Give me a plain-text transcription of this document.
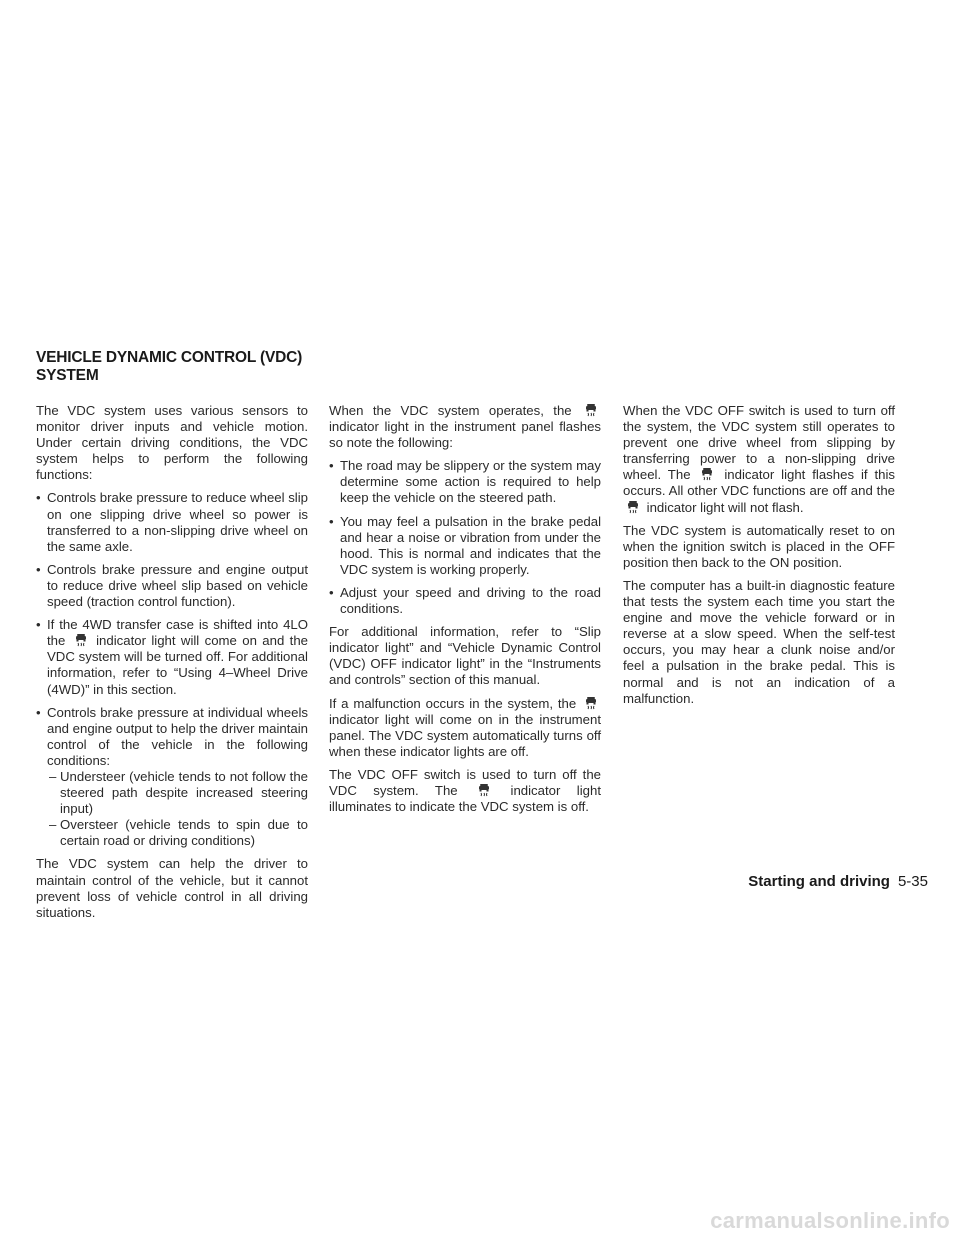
VEHICLE DYNAMIC CONTROL (VDC)
SYSTEM

The VDC system uses various sensors to monitor driver inputs and vehicle motion. Under certain driving conditions, the VDC system helps to perform the following functions:

• Controls brake pressure to reduce wheel slip on one slipping drive wheel so power is transferred to a non-slipping drive wheel on the same axle.
• Controls brake pressure and engine output to reduce drive wheel slip based on vehicle speed (traction control function).
• If the 4WD transfer case is shifted into 4LO the indicator light will come on and the VDC system will be turned off. For additional information, refer to “Using 4–Wheel Drive (4WD)” in this section.
• Controls brake pressure at individual wheels and engine output to help the driver maintain control of the vehicle in the following conditions:
– Understeer (vehicle tends to not follow the steered path despite increased steering input)
– Oversteer (vehicle tends to spin due to certain road or driving conditions)

The VDC system can help the driver to maintain control of the vehicle, but it cannot prevent loss of vehicle control in all driving situations.

When the VDC system operates, the  indicator light in the instrument panel flashes so note the following:

• The road may be slippery or the system may determine some action is required to help keep the vehicle on the steered path.
• You may feel a pulsation in the brake pedal and hear a noise or vibration from under the hood. This is normal and indicates that the VDC system is working properly.
• Adjust your speed and driving to the road conditions.

For additional information, refer to “Slip indicator light” and “Vehicle Dynamic Control (VDC) OFF indicator light” in the “Instruments and controls” section of this manual.

If a malfunction occurs in the system, the  indicator light will come on in the instrument panel. The VDC system automatically turns off when these indicator lights are off.

The VDC OFF switch is used to turn off the VDC system. The	indicator light illuminates to indicate the VDC system is off.

When the VDC OFF switch is used to turn off the system, the VDC system still operates to prevent one drive wheel from slipping by transferring power to a non-slipping drive wheel. The	indicator light flashes if this occurs. All other VDC functions are off and the  indicator light will not flash.

The VDC system is automatically reset to on when the ignition switch is placed in the OFF position then back to the ON position.

The computer has a built-in diagnostic feature that tests the system each time you start the engine and move the vehicle forward or in reverse at a slow speed. When the self-test occurs, you may hear a clunk noise and/or feel a pulsation in the brake pedal. This is normal and is not an indication of a malfunction.

Starting and driving 5-35
carmanualsonline.info
